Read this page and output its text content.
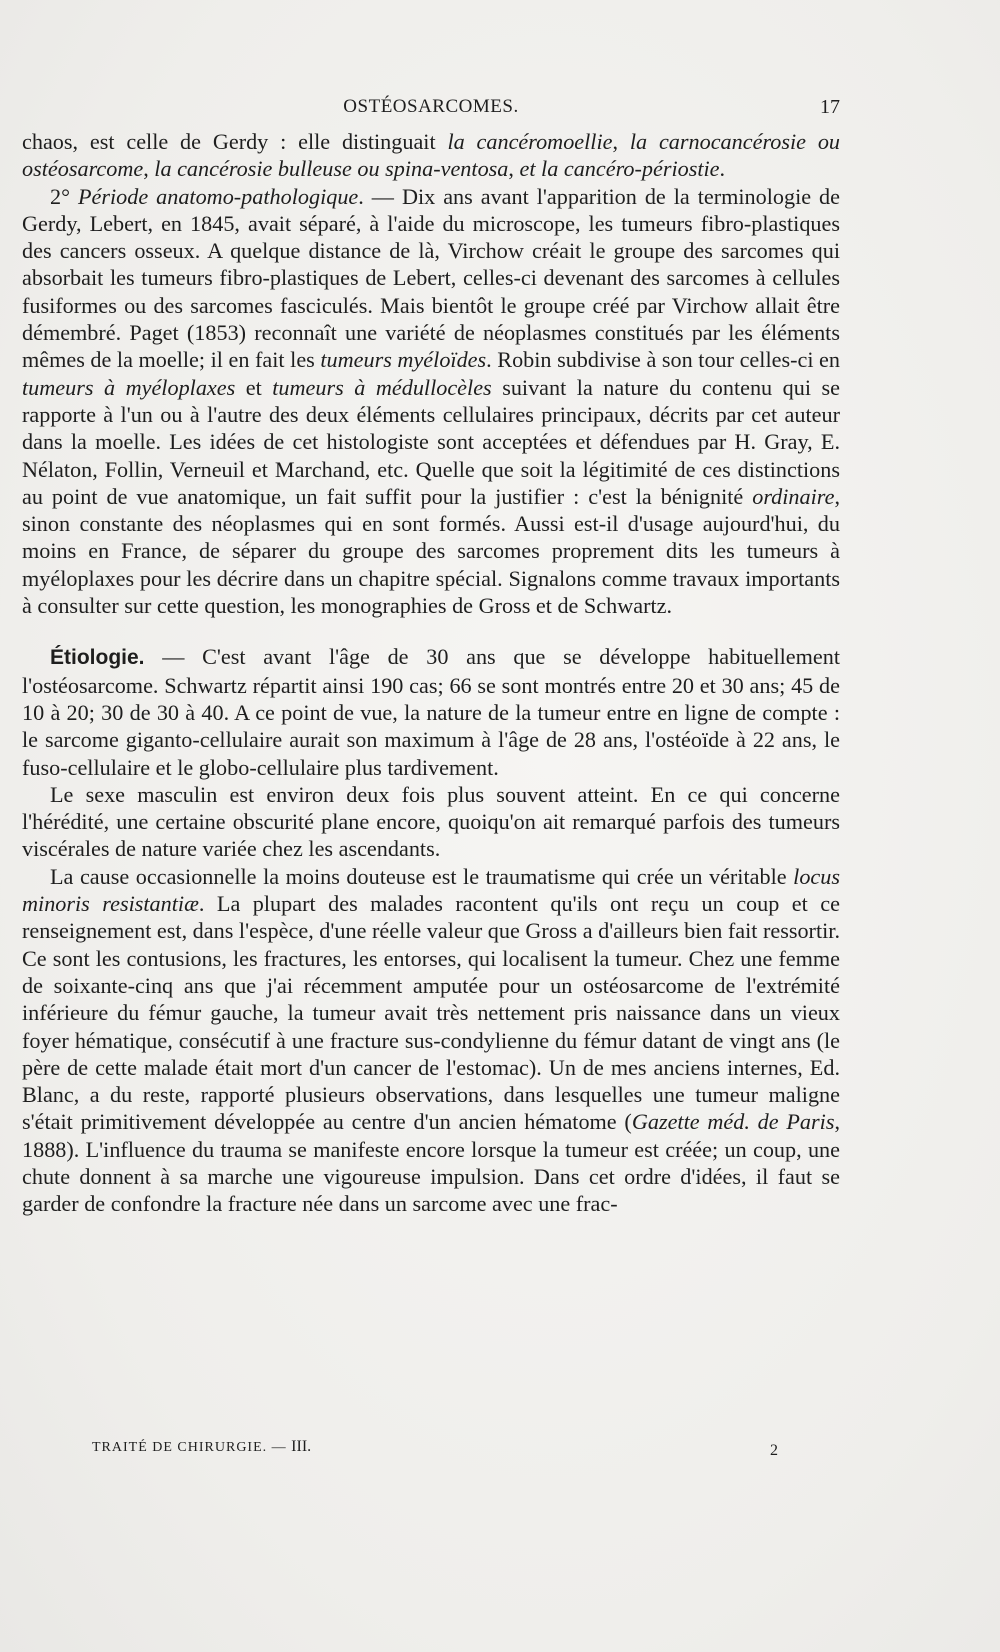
OSTÉOSARCOMES.	17

chaos, est celle de Gerdy : elle distinguait la cancéromoellie, la carnocancérosie ou ostéosarcome, la cancérosie bulleuse ou spina-ventosa, et la cancéro-périostie.

2° Période anatomo-pathologique. — Dix ans avant l'apparition de la terminologie de Gerdy, Lebert, en 1845, avait séparé, à l'aide du microscope, les tumeurs fibro-plastiques des cancers osseux. A quelque distance de là, Virchow créait le groupe des sarcomes qui absorbait les tumeurs fibro-plastiques de Lebert, celles-ci devenant des sarcomes à cellules fusiformes ou des sarcomes fasciculés. Mais bientôt le groupe créé par Virchow allait être démembré. Paget (1853) reconnaît une variété de néoplasmes constitués par les éléments mêmes de la moelle; il en fait les tumeurs myéloïdes. Robin subdivise à son tour celles-ci en tumeurs à myéloplaxes et tumeurs à médullocèles suivant la nature du contenu qui se rapporte à l'un ou à l'autre des deux éléments cellulaires principaux, décrits par cet auteur dans la moelle. Les idées de cet histologiste sont acceptées et défendues par H. Gray, E. Nélaton, Follin, Verneuil et Marchand, etc. Quelle que soit la légitimité de ces distinctions au point de vue anatomique, un fait suffit pour la justifier : c'est la bénignité ordinaire, sinon constante des néoplasmes qui en sont formés. Aussi est-il d'usage aujourd'hui, du moins en France, de séparer du groupe des sarcomes proprement dits les tumeurs à myéloplaxes pour les décrire dans un chapitre spécial. Signalons comme travaux importants à consulter sur cette question, les monographies de Gross et de Schwartz.

Étiologie. — C'est avant l'âge de 30 ans que se développe habituellement l'ostéosarcome. Schwartz répartit ainsi 190 cas; 66 se sont montrés entre 20 et 30 ans; 45 de 10 à 20; 30 de 30 à 40. A ce point de vue, la nature de la tumeur entre en ligne de compte : le sarcome giganto-cellulaire aurait son maximum à l'âge de 28 ans, l'ostéoïde à 22 ans, le fuso-cellulaire et le globo-cellulaire plus tardivement.

Le sexe masculin est environ deux fois plus souvent atteint. En ce qui concerne l'hérédité, une certaine obscurité plane encore, quoiqu'on ait remarqué parfois des tumeurs viscérales de nature variée chez les ascendants.

La cause occasionnelle la moins douteuse est le traumatisme qui crée un véritable locus minoris resistantiæ. La plupart des malades racontent qu'ils ont reçu un coup et ce renseignement est, dans l'espèce, d'une réelle valeur que Gross a d'ailleurs bien fait ressortir. Ce sont les contusions, les fractures, les entorses, qui localisent la tumeur. Chez une femme de soixante-cinq ans que j'ai récemment amputée pour un ostéosarcome de l'extrémité inférieure du fémur gauche, la tumeur avait très nettement pris naissance dans un vieux foyer hématique, consécutif à une fracture sus-condylienne du fémur datant de vingt ans (le père de cette malade était mort d'un cancer de l'estomac). Un de mes anciens internes, Ed. Blanc, a du reste, rapporté plusieurs observations, dans lesquelles une tumeur maligne s'était primitivement développée au centre d'un ancien hématome (Gazette méd. de Paris, 1888). L'influence du trauma se manifeste encore lorsque la tumeur est créée; un coup, une chute donnent à sa marche une vigoureuse impulsion. Dans cet ordre d'idées, il faut se garder de confondre la fracture née dans un sarcome avec une frac-

TRAITÉ DE CHIRURGIE. — III.	2
